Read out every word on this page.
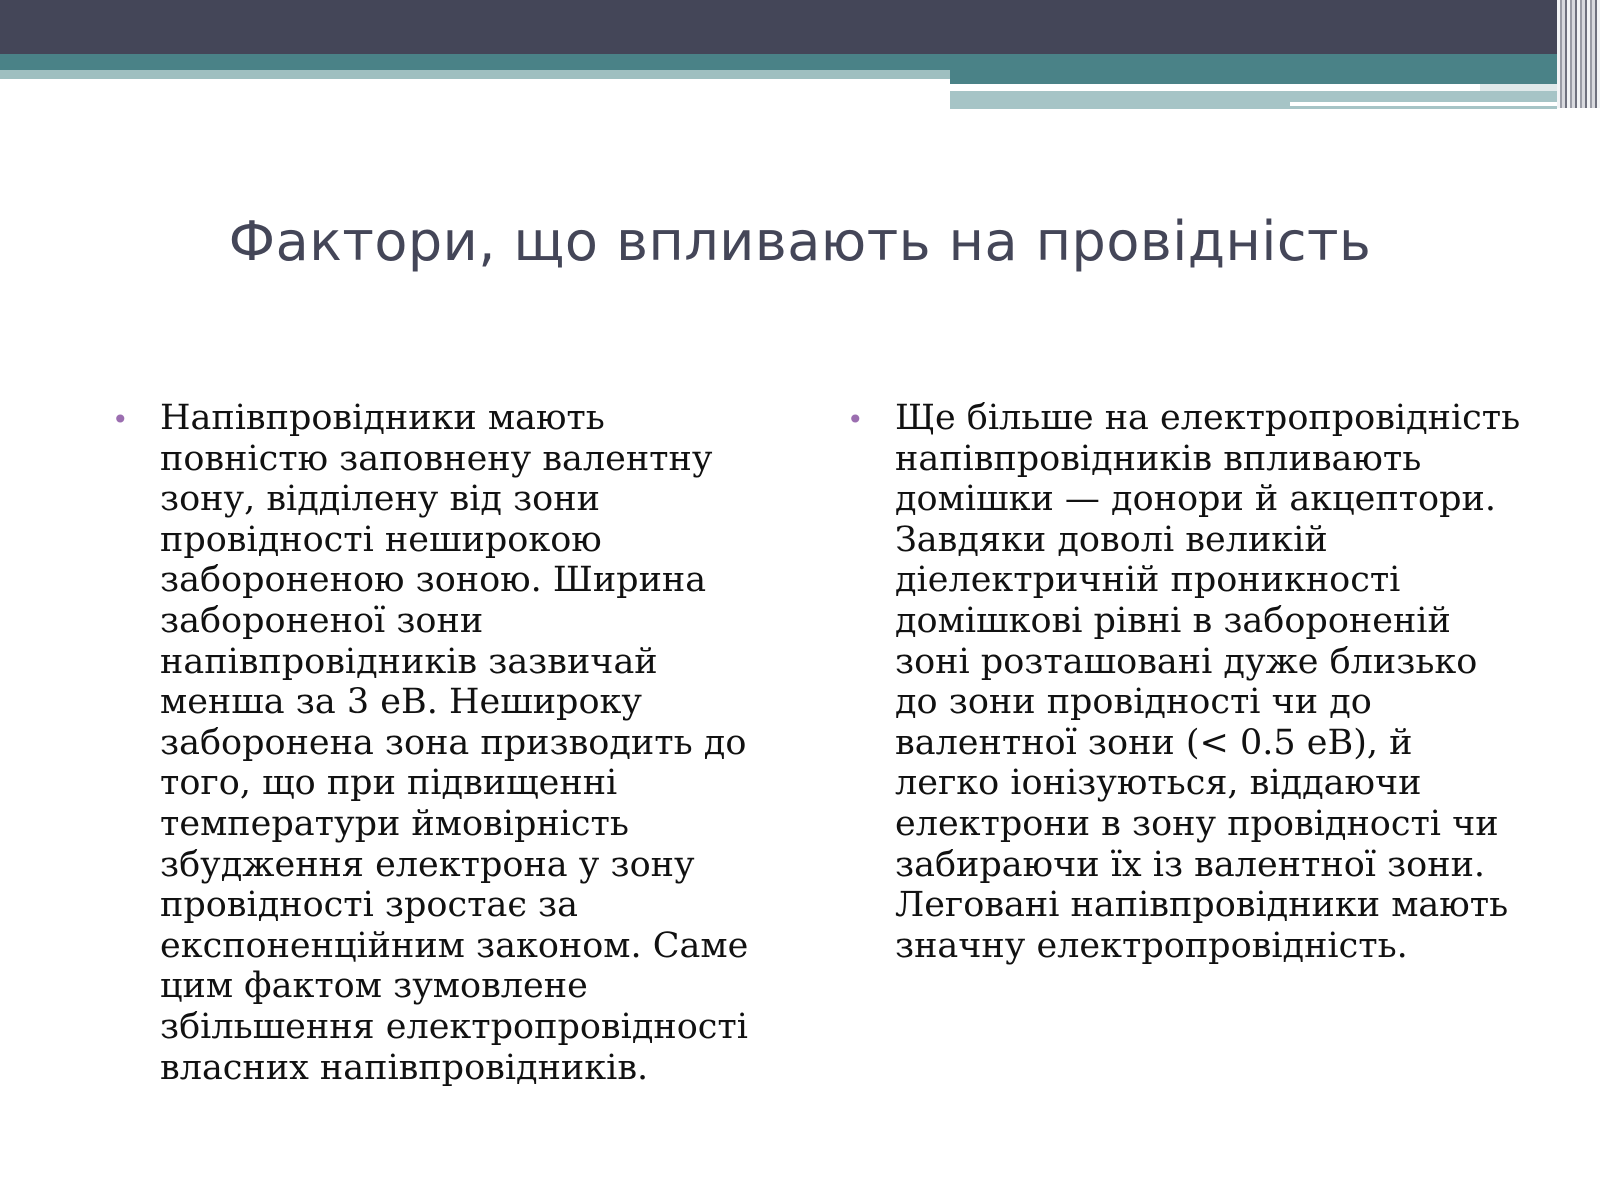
Фактори, що впливають на провідність
• Напівпровідники мають повністю заповнену валентну зону, відділену від зони провідності неширокою забороненою зоною. Ширина забороненої зони напівпровідників зазвичай менша за 3 еВ. Нешироку заборонена зона призводить до того, що при підвищенні температури ймовірність збудження електрона у зону провідності зростає за експоненційним законом. Саме цим фактом зумовлене збільшення електропровідності власних напівпровідників.
• Ще більше на електропровідність напівпровідників впливають домішки — донори й акцептори. Завдяки доволі великій діелектричній проникності домішкові рівні в забороненій зоні розташовані дуже близько до зони провідності чи до валентної зони (< 0.5 еВ), й легко іонізуються, віддаючи електрони в зону провідності чи забираючи їх із валентної зони. Леговані напівпровідники мають значну електропровідність.
